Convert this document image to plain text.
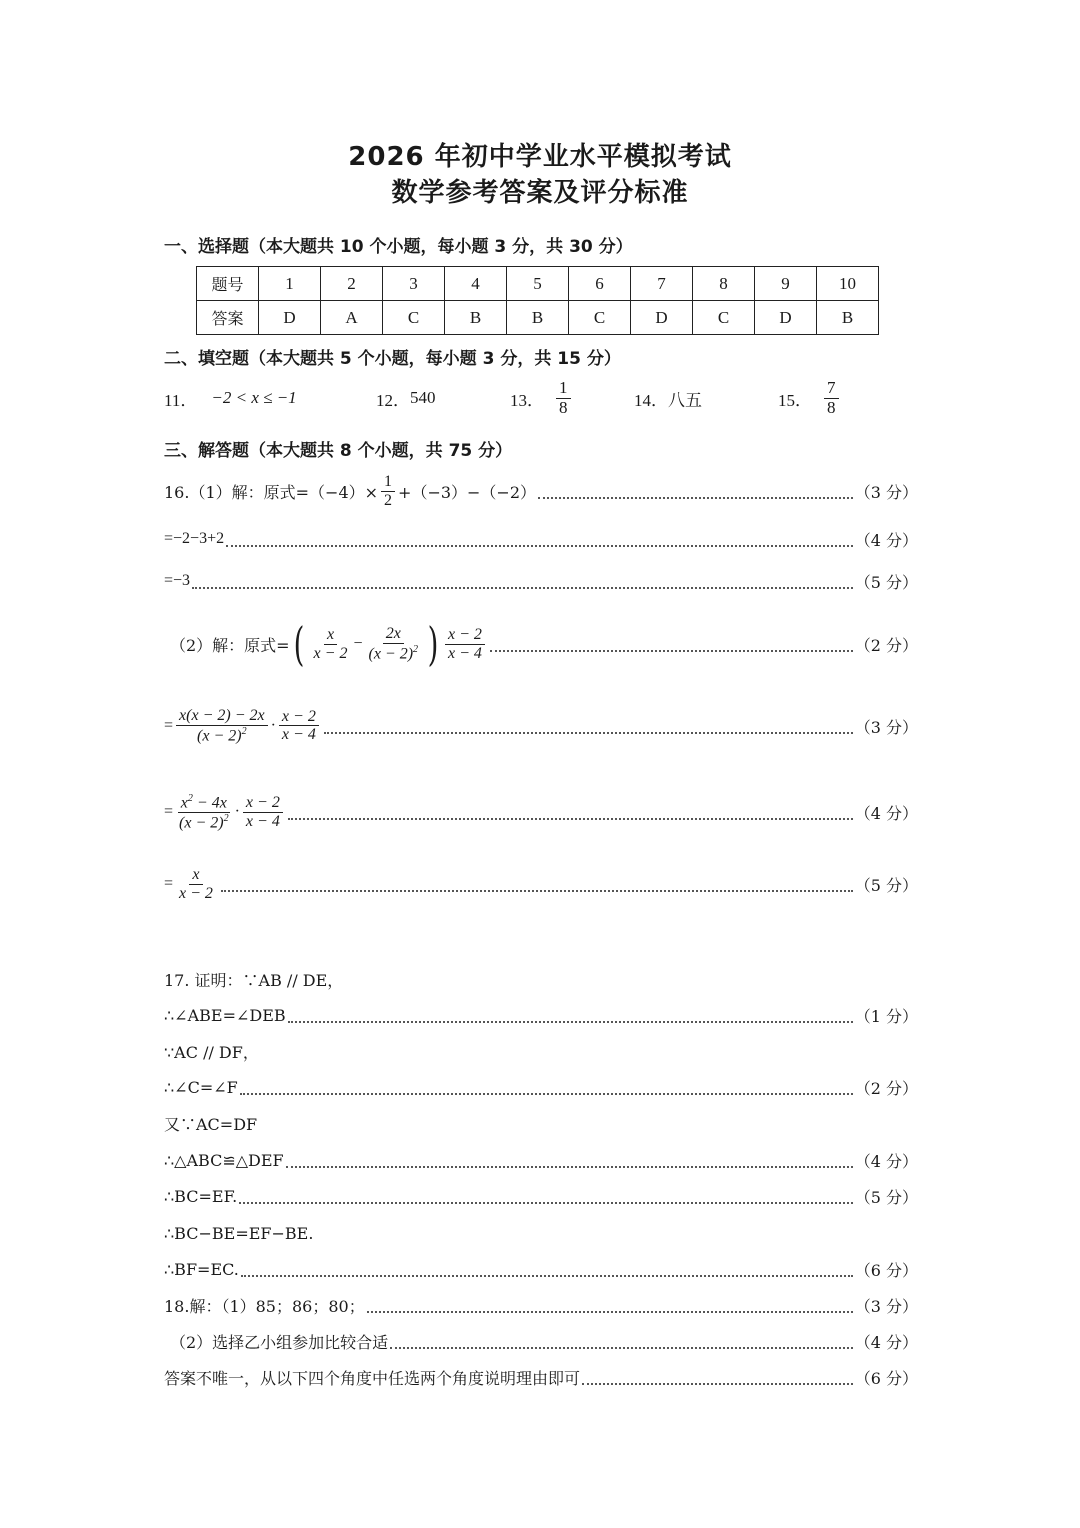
2026 年初中学业水平模拟考试
数学参考答案及评分标准
一、选择题（本大题共 10 个小题，每小题 3 分，共 30 分）
题号	1	2	3	4	5	6	7	8	9	10
答案	D	A	C	B	B	C	D	C	D	B
二、填空题（本大题共 5 个小题，每小题 3 分，共 15 分）
11． −2 < x ≤ −1	12． 540	13． $\frac{1}{8}$	14． 八五	15． $\frac{7}{8}$
三、解答题（本大题共 8 个小题，共 75 分）
16.（1）解：原式$=(-4)\times \frac{1}{2} +(-3)-(-2)$	（3 分）
=−2−3+2	（4 分）
=−3	（5 分）
（2）解：原式= ( $\frac{x}{x - 2} - \frac{2x}{(x - 2)^2}$ ) $\frac{x - 2}{x - 4}$	（2 分）
= $\frac{x(x - 2) - 2x}{(x - 2)^2} \cdot \frac{x - 2}{x - 4}$	（3 分）
= $\frac{x^2 - 4x}{(x - 2)^2} \cdot \frac{x - 2}{x - 4}$	（4 分）
= $\frac{x}{x - 2}$	（5 分）
17. 证明：∵AB // DE，
∴∠ABE=∠DEB	（1 分）
∵AC // DF，
∴∠C=∠F	（2 分）
又∵AC=DF
∴△ABC≌△DEF	（4 分）
∴BC=EF.	（5 分）
∴BC−BE=EF−BE.
∴BF=EC.	（6 分）
18.解：（1）85；86；80；	（3 分）
（2）选择乙小组参加比较合适	（4 分）
答案不唯一，从以下四个角度中任选两个角度说明理由即可	（6 分）
